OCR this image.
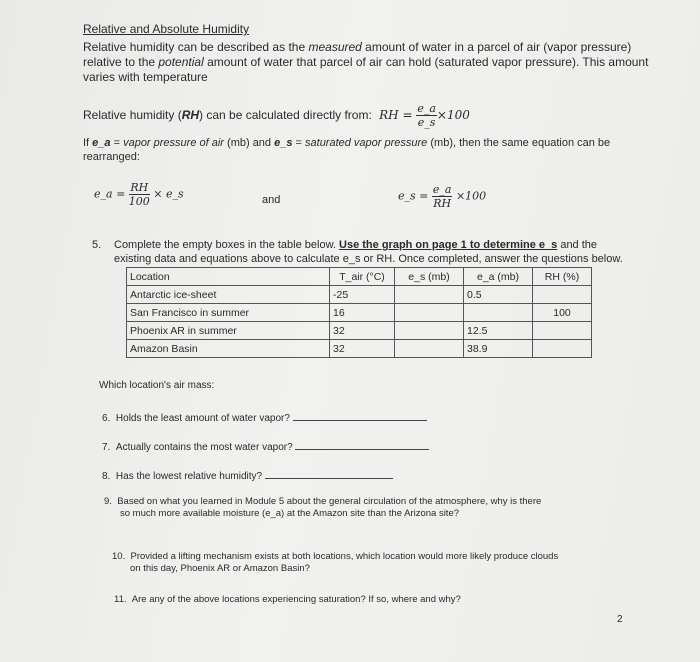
Relative and Absolute Humidity
Relative humidity can be described as the measured amount of water in a parcel of air (vapor pressure) relative to the potential amount of water that parcel of air can hold (saturated vapor pressure). This amount varies with temperature
Relative humidity (RH) can be calculated directly from: RH = $\frac{e\_a}{e\_s} \times 100$
If e_a = vapor pressure of air (mb) and e_s = saturated vapor pressure (mb), then the same equation can be
rearranged:
e_a = $\frac{RH}{100}$ × e_s	and	e_s = $\frac{e\_a}{RH} \times 100$
5. Complete the empty boxes in the table below. Use the graph on page 1 to determine e_s and the
existing data and equations above to calculate e_s or RH. Once completed, answer the questions below.
Location	T_air (°C)	e_s (mb)	e_a (mb)	RH (%)
Antarctic ice-sheet	-25		0.5	
San Francisco in summer	16			100
Phoenix AR in summer	32		12.5	
Amazon Basin	32		38.9	
Which location's air mass:
6. Holds the least amount of water vapor?
7. Actually contains the most water vapor?
8. Has the lowest relative humidity?
9. Based on what you learned in Module 5 about the general circulation of the atmosphere, why is there
so much more available moisture (e_a) at the Amazon site than the Arizona site?
10. Provided a lifting mechanism exists at both locations, which location would more likely produce clouds
on this day, Phoenix AR or Amazon Basin?
11. Are any of the above locations experiencing saturation? If so, where and why?
2
